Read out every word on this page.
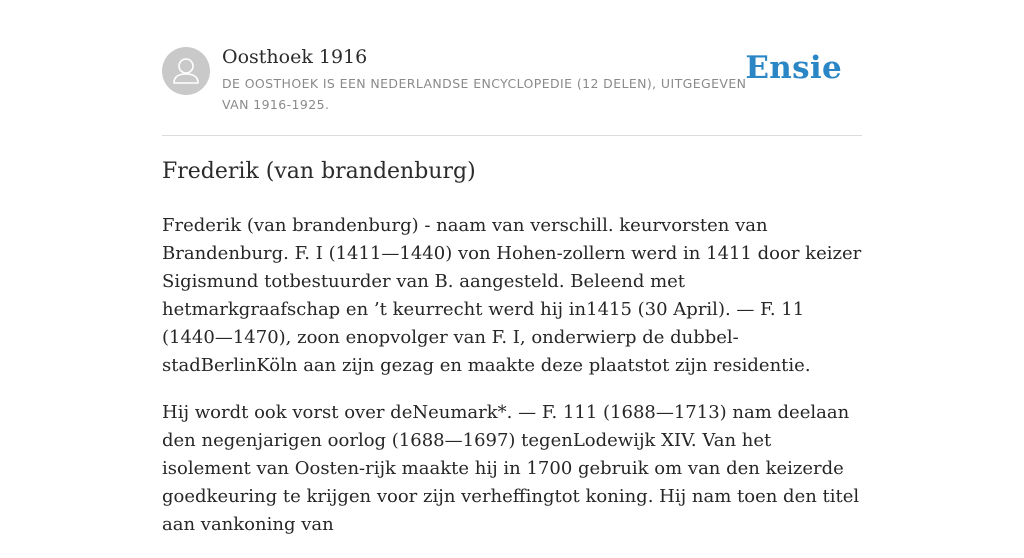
Oosthoek 1916
DE OOSTHOEK IS EEN NEDERLANDSE ENCYCLOPEDIE (12 DELEN), UITGEGEVEN VAN 1916-1925.
Ensie
Frederik (van brandenburg)

Frederik (van brandenburg) - naam van verschill. keurvorsten van Brandenburg. F. I (1411—1440) von Hohen-zollern werd in 1411 door keizer Sigismund totbestuurder van B. aangesteld. Beleend met hetmarkgraafschap en ’t keurrecht werd hij in1415 (30 April). — F. 11 (1440—1470), zoon enopvolger van F. I, onderwierp de dubbel-stadBerlinKöln aan zijn gezag en maakte deze plaatstot zijn residentie.

Hij wordt ook vorst over deNeumark*. — F. 111 (1688—1713) nam deelaan den negenjarigen oorlog (1688—1697) tegenLodewijk XIV. Van het isolement van Oosten-rijk maakte hij in 1700 gebruik om van den keizerde goedkeuring te krijgen voor zijn verheffingtot koning. Hij nam toen den titel aan vankoning van
